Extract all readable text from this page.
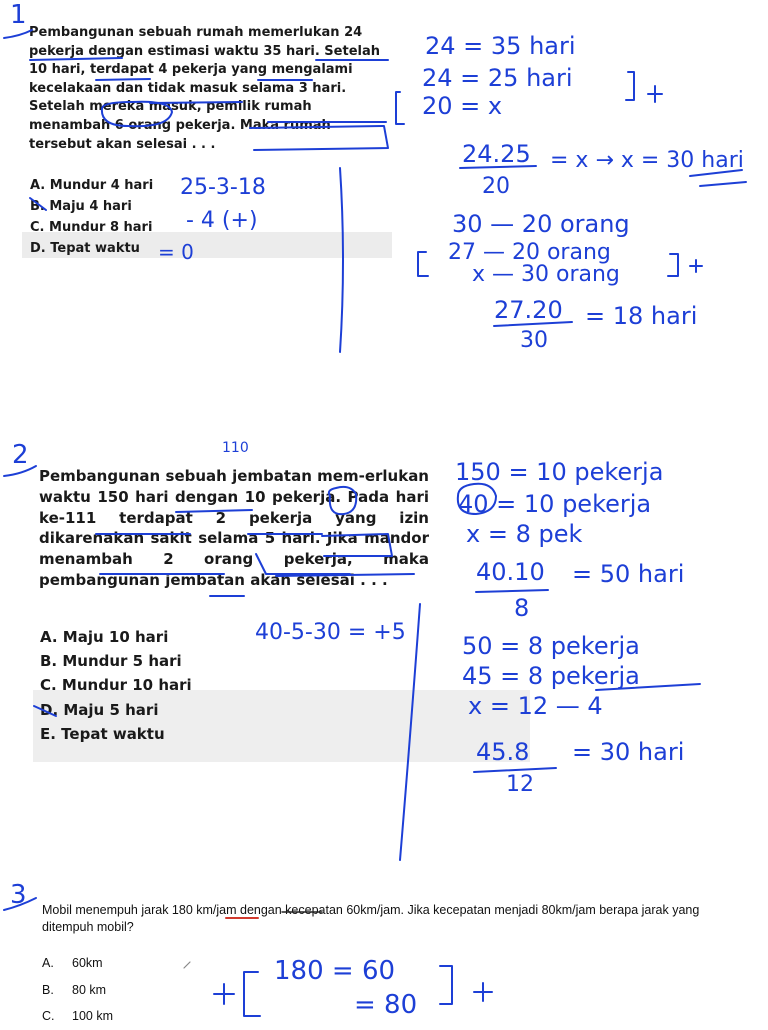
1
Pembangunan sebuah rumah memerlukan 24 pekerja dengan estimasi waktu 35 hari. Setelah 10 hari, terdapat 4 pekerja yang mengalami kecelakaan dan tidak masuk selama 3 hari. Setelah mereka masuk, pemilik rumah menambah 6 orang pekerja. Maka rumah tersebut akan selesai . . .
A. Mundur 4 hari
B. Maju 4 hari
C. Mundur 8 hari
D. Tepat waktu
2
Pembangunan sebuah jembatan mem-erlukan waktu 150 hari dengan 10 pekerja. Pada hari ke-111 terdapat 2 pekerja yang izin dikarenakan sakit selama 5 hari. Jika mandor menambah 2 orang pekerja, maka pembangunan jembatan akan selesai . . .
A. Maju 10 hari
B. Mundur 5 hari
C. Mundur 10 hari
D. Maju 5 hari
E. Tepat waktu
3 Mobil menempuh jarak 180 km/jam dengan kecepatan 60km/jam. Jika kecepatan menjadi 80km/jam berapa jarak yang ditempuh mobil?
A. 60km
B. 80 km
C. 100 km
24 = 35 hari
24 = 25 hari
20 = x
24.25
20
= x → x = 30 hari
30 — 20 orang
27 — 20 orang
x — 30 orang
27.20
30
= 18 hari
25-3-18
- 4 (+)
= 0
110
40-5-30 = +5
150 = 10 pekerja
40 = 10 pekerja
x = 8 pek
40.10
8
= 50 hari
50 = 8 pekerja
45 = 8 pekerja
x = 12 — 4
45.8
12
= 30 hari
180 = 60
= 80
